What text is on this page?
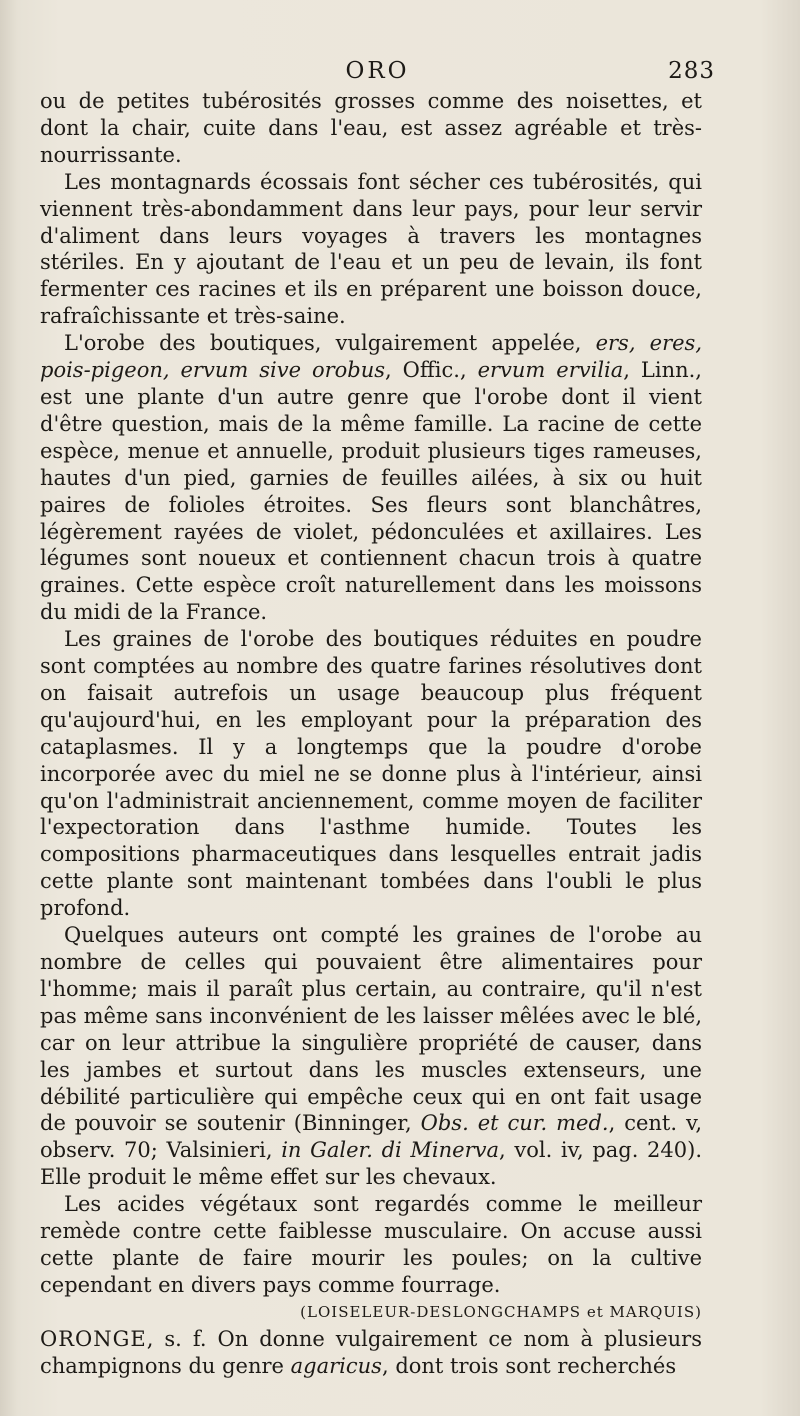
ORO	283

ou de petites tubérosités grosses comme des noisettes, et dont la chair, cuite dans l'eau, est assez agréable et très-nourrissante.

Les montagnards écossais font sécher ces tubérosités, qui viennent très-abondamment dans leur pays, pour leur servir d'aliment dans leurs voyages à travers les montagnes stériles. En y ajoutant de l'eau et un peu de levain, ils font fermenter ces racines et ils en préparent une boisson douce, rafraîchissante et très-saine.

L'orobe des boutiques, vulgairement appelée, ers, eres, pois-pigeon, ervum sive orobus, Offic., ervum ervilia, Linn., est une plante d'un autre genre que l'orobe dont il vient d'être question, mais de la même famille. La racine de cette espèce, menue et annuelle, produit plusieurs tiges rameuses, hautes d'un pied, garnies de feuilles ailées, à six ou huit paires de folioles étroites. Ses fleurs sont blanchâtres, légèrement rayées de violet, pédonculées et axillaires. Les légumes sont noueux et contiennent chacun trois à quatre graines. Cette espèce croît naturellement dans les moissons du midi de la France.

Les graines de l'orobe des boutiques réduites en poudre sont comptées au nombre des quatre farines résolutives dont on faisait autrefois un usage beaucoup plus fréquent qu'aujourd'hui, en les employant pour la préparation des cataplasmes. Il y a longtemps que la poudre d'orobe incorporée avec du miel ne se donne plus à l'intérieur, ainsi qu'on l'administrait anciennement, comme moyen de faciliter l'expectoration dans l'asthme humide. Toutes les compositions pharmaceutiques dans lesquelles entrait jadis cette plante sont maintenant tombées dans l'oubli le plus profond.

Quelques auteurs ont compté les graines de l'orobe au nombre de celles qui pouvaient être alimentaires pour l'homme; mais il paraît plus certain, au contraire, qu'il n'est pas même sans inconvénient de les laisser mêlées avec le blé, car on leur attribue la singulière propriété de causer, dans les jambes et surtout dans les muscles extenseurs, une débilité particulière qui empêche ceux qui en ont fait usage de pouvoir se soutenir (Binninger, Obs. et cur. med., cent. v, observ. 70; Valsinieri, in Galer. di Minerva, vol. iv, pag. 240). Elle produit le même effet sur les chevaux.

Les acides végétaux sont regardés comme le meilleur remède contre cette faiblesse musculaire. On accuse aussi cette plante de faire mourir les poules; on la cultive cependant en divers pays comme fourrage.

(LOISELEUR-DESLONGCHAMPS et MARQUIS)

ORONGE, s. f. On donne vulgairement ce nom à plusieurs champignons du genre agaricus, dont trois sont recherchés
